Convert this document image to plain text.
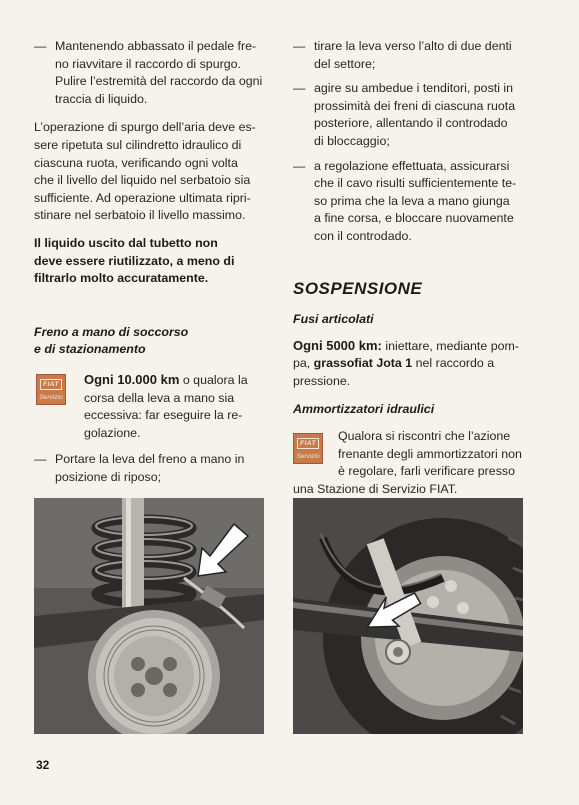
— Mantenendo abbassato il pedale fre-
no riavvitare il raccordo di spurgo.
Pulire l’estremità del raccordo da ogni
traccia di liquido.
L’operazione di spurgo dell’aria deve es-
sere ripetuta sul cilindretto idraulico di
ciascuna ruota, verificando ogni volta
che il livello del liquido nel serbatoio sia
sufficiente. Ad operazione ultimata ripri-
stinare nel serbatoio il livello massimo.
Il liquido uscito dal tubetto non
deve essere riutilizzato, a meno di
filtrarlo molto accuratamente.
Freno a mano di soccorso
e di stazionamento
FIAT
Servizio
Ogni 10.000 km o qualora la
corsa della leva a mano sia
eccessiva: far eseguire la re-
golazione.
— Portare la leva del freno a mano in
posizione di riposo;
— tirare la leva verso l’alto di due denti
del settore;
— agire su ambedue i tenditori, posti in
prossimità dei freni di ciascuna ruota
posteriore, allentando il controdado
di bloccaggio;
— a regolazione effettuata, assicurarsi
che il cavo risulti sufficientemente te-
so prima che la leva a mano giunga
a fine corsa, e bloccare nuovamente
con il controdado.
SOSPENSIONE
Fusi articolati
Ogni 5000 km: iniettare, mediante pom-
pa, grassofiat Jota 1 nel raccordo a
pressione.
Ammortizzatori idraulici
FIAT
Servizio
Qualora si riscontri che l’azione
frenante degli ammortizzatori non
è regolare, farli verificare presso
una Stazione di Servizio FIAT.
32
